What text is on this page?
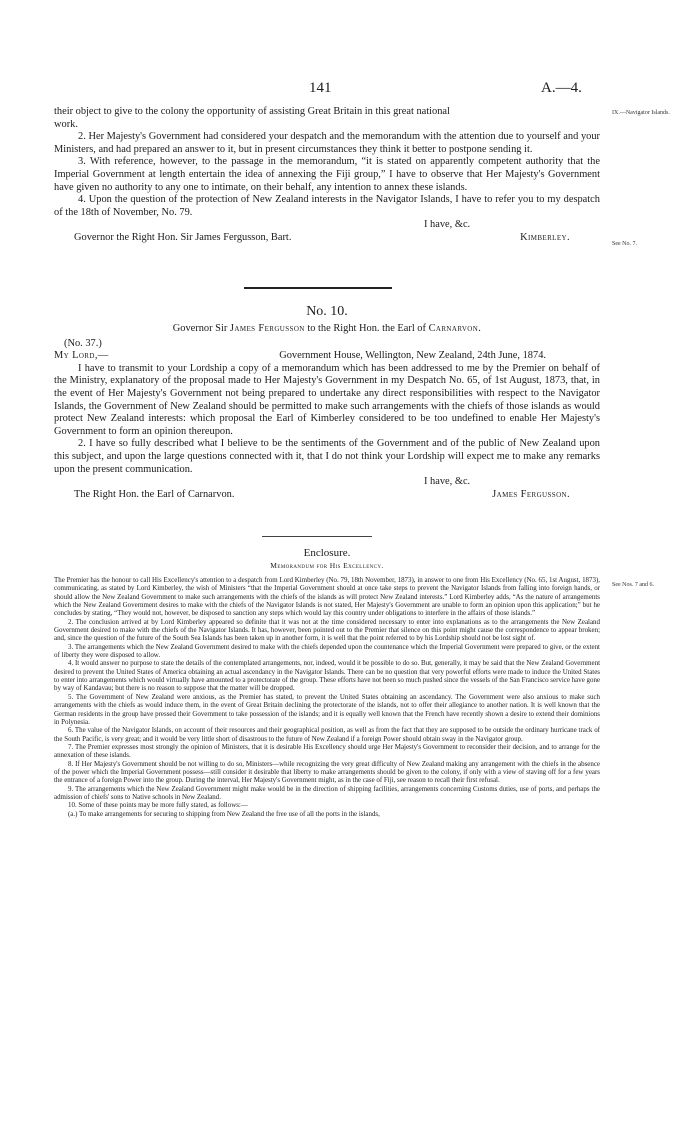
141	A.—4.
IX.—Navigator Islands.
See No. 7.
See Nos. 7 and 6.

their object to give to the colony the opportunity of assisting Great Britain in this great national

work.

2. Her Majesty's Government had considered your despatch and the memorandum with the attention due to yourself and your Ministers, and had prepared an answer to it, but in present circumstances they think it better to postpone sending it.

3. With reference, however, to the passage in the memorandum, “it is stated on apparently competent authority that the Imperial Government at length entertain the idea of annexing the Fiji group,” I have to observe that Her Majesty's Government have given no authority to any one to intimate, on their behalf, any intention to annex these islands.

4. Upon the question of the protection of New Zealand interests in the Navigator Islands, I have to refer you to my despatch of the 18th of November, No. 79.

I have, &c.
Governor the Right Hon. Sir James Fergusson, Bart.	Kimberley.
No. 10.
Governor Sir James Fergusson to the Right Hon. the Earl of Carnarvon.
(No. 37.)
My Lord,—	Government House, Wellington, New Zealand, 24th June, 1874.

I have to transmit to your Lordship a copy of a memorandum which has been addressed to me by the Premier on behalf of the Ministry, explanatory of the proposal made to Her Majesty's Government in my Despatch No. 65, of 1st August, 1873, that, in the event of Her Majesty's Government not being prepared to undertake any direct responsibilities with respect to the Navigator Islands, the Government of New Zealand should be permitted to make such arrangements with the chiefs of those islands as would protect New Zealand interests: which proposal the Earl of Kimberley considered to be too undefined to enable Her Majesty's Government to form an opinion thereupon.

2. I have so fully described what I believe to be the sentiments of the Government and of the public of New Zealand upon this subject, and upon the large questions connected with it, that I do not think your Lordship will expect me to make any remarks upon the present communication.

I have, &c.
The Right Hon. the Earl of Carnarvon.	James Fergusson.
Enclosure.
Memorandum for His Excellency.

The Premier has the honour to call His Excellency's attention to a despatch from Lord Kimberley (No. 79, 18th November, 1873), in answer to one from His Excellency (No. 65, 1st August, 1873), communicating, as stated by Lord Kimberley, the wish of Ministers “that the Imperial Government should at once take steps to prevent the Navigator Islands from falling into foreign hands, or should allow the New Zealand Government to make such arrangements with the chiefs of the islands as will protect New Zealand interests.” Lord Kimberley adds, “As the nature of arrangements which the New Zealand Government desires to make with the chiefs of the Navigator Islands is not stated, Her Majesty's Government are unable to form an opinion upon this application;” but he concludes by stating, “They would not, however, be disposed to sanction any steps which would lay this country under obligations to interfere in the affairs of those islands.”

2. The conclusion arrived at by Lord Kimberley appeared so definite that it was not at the time considered necessary to enter into explanations as to the arrangements the New Zealand Government desired to make with the chiefs of the Navigator Islands. It has, however, been pointed out to the Premier that silence on this point might cause the correspondence to appear broken; and, since the question of the future of the South Sea Islands has been taken up in another form, it is well that the point referred to by his Lordship should not be lost sight of.

3. The arrangements which the New Zealand Government desired to make with the chiefs depended upon the countenance which the Imperial Government were prepared to give, or the extent of liberty they were disposed to allow.

4. It would answer no purpose to state the details of the contemplated arrangements, nor, indeed, would it be possible to do so. But, generally, it may be said that the New Zealand Government desired to prevent the United States of America obtaining an actual ascendancy in the Navigator Islands. There can be no question that very powerful efforts were made to induce the United States to enter into arrangements which would virtually have amounted to a protectorate of the group. These efforts have not been so much pushed since the vessels of the San Francisco service have gone by way of Kandavau; but there is no reason to suppose that the matter will be dropped.

5. The Government of New Zealand were anxious, as the Premier has stated, to prevent the United States obtaining an ascendancy. The Government were also anxious to make such arrangements with the chiefs as would induce them, in the event of Great Britain declining the protectorate of the islands, not to offer their allegiance to another nation. It is well known that the German residents in the group have pressed their Government to take possession of the islands; and it is equally well known that the French have recently shown a desire to extend their dominions in Polynesia.

6. The value of the Navigator Islands, on account of their resources and their geographical position, as well as from the fact that they are supposed to be outside the ordinary hurricane track of the South Pacific, is very great; and it would be very little short of disastrous to the future of New Zealand if a foreign Power should obtain sway in the Navigator group.

7. The Premier expresses most strongly the opinion of Ministers, that it is desirable His Excellency should urge Her Majesty's Government to reconsider their decision, and to arrange for the annexation of these islands.

8. If Her Majesty's Government should be not willing to do so, Ministers—while recognizing the very great difficulty of New Zealand making any arrangement with the chiefs in the absence of the power which the Imperial Government possess—still consider it desirable that liberty to make arrangements should be given to the colony, if only with a view of staving off for a few years the entrance of a foreign Power into the group. During the interval, Her Majesty's Government might, as in the case of Fiji, see reason to recall their first refusal.

9. The arrangements which the New Zealand Government might make would be in the direction of shipping facilities, arrangements concerning Customs duties, use of ports, and perhaps the admission of chiefs' sons to Native schools in New Zealand.

10. Some of these points may be more fully stated, as follows:—

(a.) To make arrangements for securing to shipping from New Zealand the free use of all the ports in the islands,
